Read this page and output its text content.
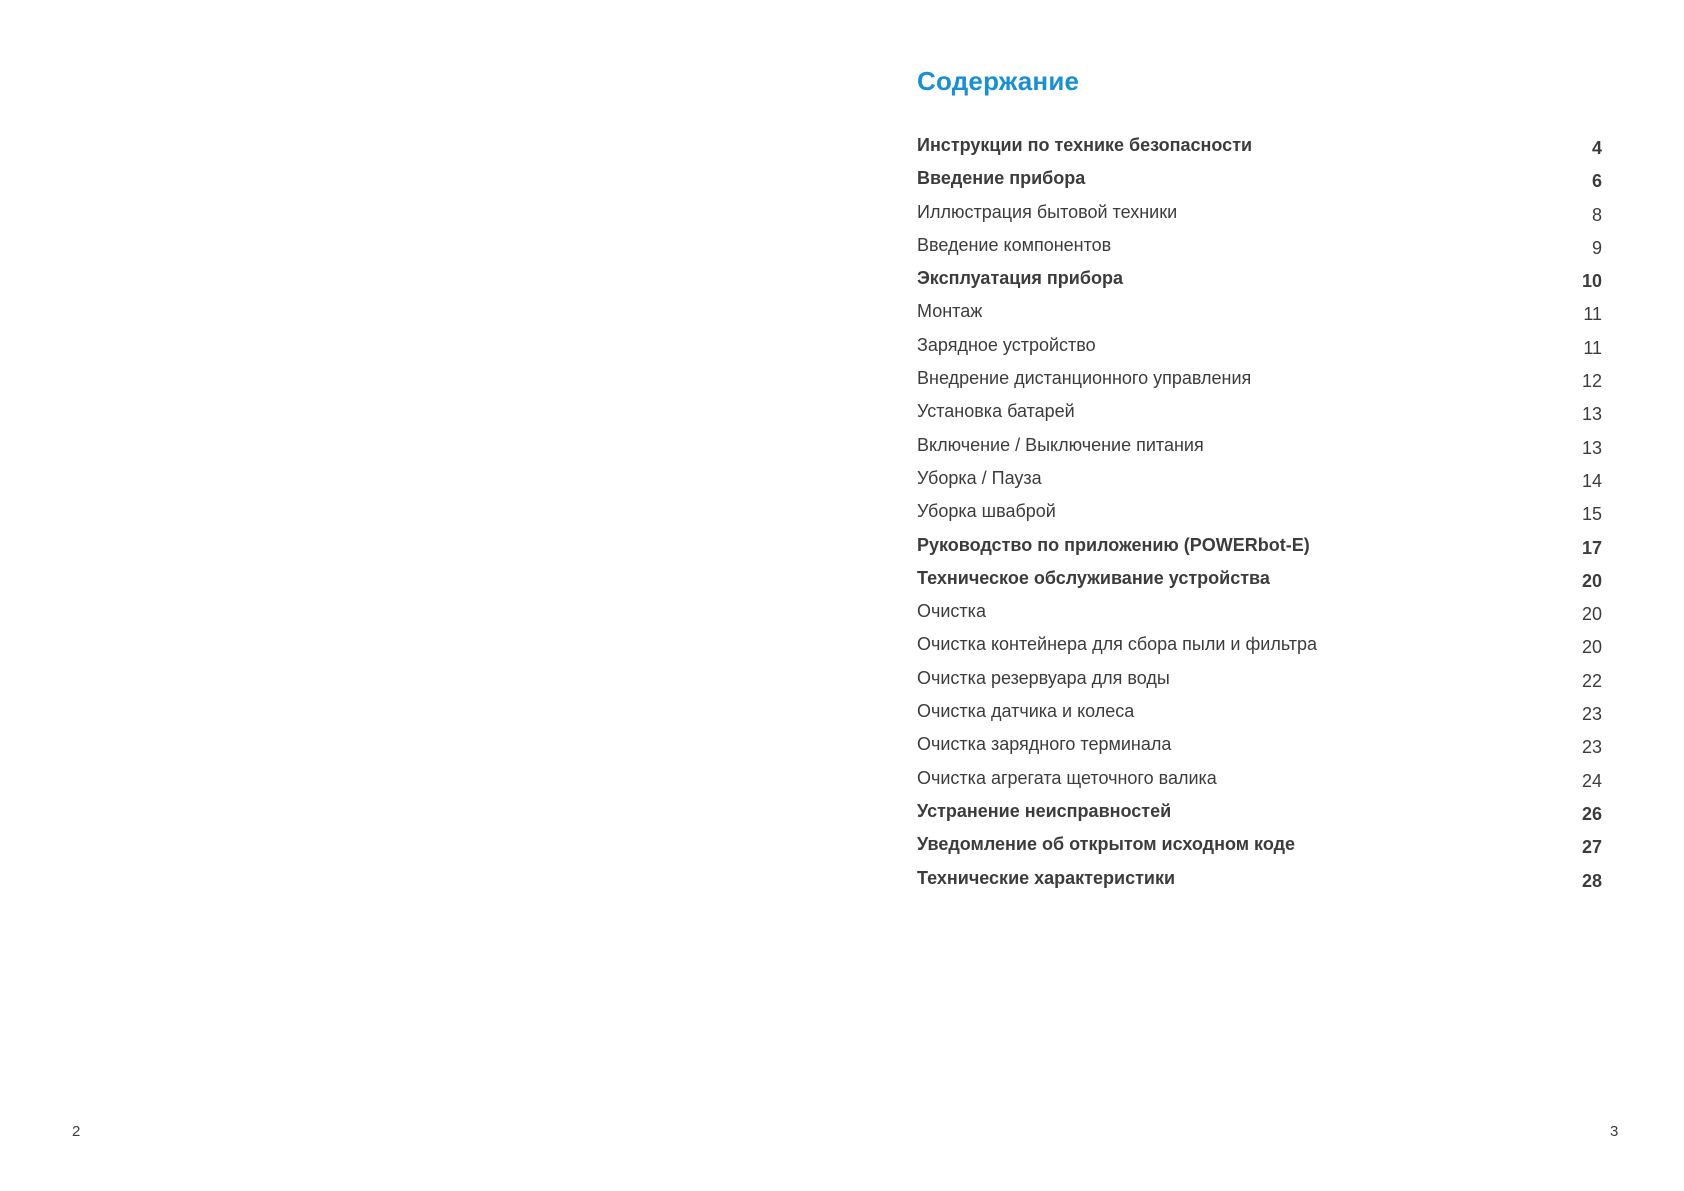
2
Содержание
Инструкции по технике безопасности	4
Введение прибора	6
Иллюстрация бытовой техники	8
Введение компонентов	9
Эксплуатация прибора	10
Монтаж	11
Зарядное устройство	11
Внедрение дистанционного управления	12
Установка батарей	13
Включение / Выключение питания	13
Уборка / Пауза	14
Уборка шваброй	15
Руководство по приложению (POWERbot-E)	17
Техническое обслуживание устройства	20
Очистка	20
Очистка контейнера для сбора пыли и фильтра	20
Очистка резервуара для воды	22
Очистка датчика и колеса	23
Очистка зарядного терминала	23
Очистка агрегата щеточного валика	24
Устранение неисправностей	26
Уведомление об открытом исходном коде	27
Технические характеристики	28
3
